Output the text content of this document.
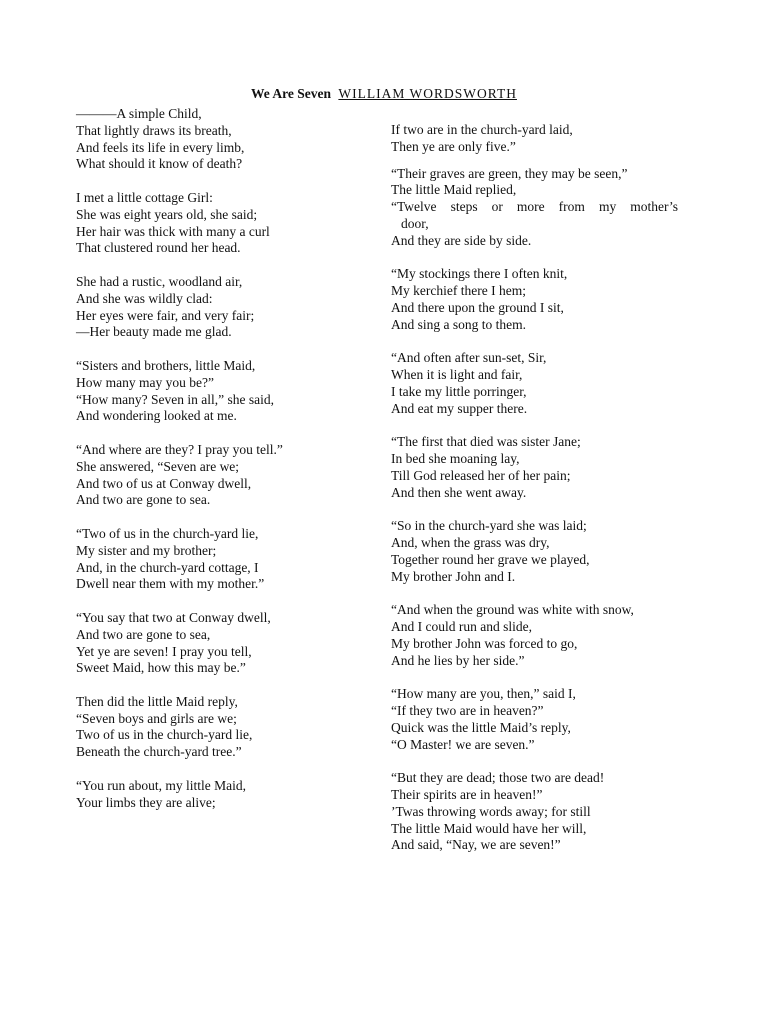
We Are Seven WILLIAM WORDSWORTH
———A simple Child,
That lightly draws its breath,
And feels its life in every limb,
What should it know of death?
I met a little cottage Girl:
She was eight years old, she said;
Her hair was thick with many a curl
That clustered round her head.
She had a rustic, woodland air,
And she was wildly clad:
Her eyes were fair, and very fair;
—Her beauty made me glad.
“Sisters and brothers, little Maid,
How many may you be?”
“How many? Seven in all,” she said,
And wondering looked at me.
“And where are they? I pray you tell.”
She answered, “Seven are we;
And two of us at Conway dwell,
And two are gone to sea.
“Two of us in the church-yard lie,
My sister and my brother;
And, in the church-yard cottage, I
Dwell near them with my mother.”
“You say that two at Conway dwell,
And two are gone to sea,
Yet ye are seven! I pray you tell,
Sweet Maid, how this may be.”
Then did the little Maid reply,
“Seven boys and girls are we;
Two of us in the church-yard lie,
Beneath the church-yard tree.”
“You run about, my little Maid,
Your limbs they are alive;
If two are in the church-yard laid,
Then ye are only five.”
“Their graves are green, they may be seen,”
The little Maid replied,
“Twelve steps or more from my mother’s
door,
And they are side by side.
“My stockings there I often knit,
My kerchief there I hem;
And there upon the ground I sit,
And sing a song to them.
“And often after sun-set, Sir,
When it is light and fair,
I take my little porringer,
And eat my supper there.
“The first that died was sister Jane;
In bed she moaning lay,
Till God released her of her pain;
And then she went away.
“So in the church-yard she was laid;
And, when the grass was dry,
Together round her grave we played,
My brother John and I.
“And when the ground was white with snow,
And I could run and slide,
My brother John was forced to go,
And he lies by her side.”
“How many are you, then,” said I,
“If they two are in heaven?”
Quick was the little Maid’s reply,
“O Master! we are seven.”
“But they are dead; those two are dead!
Their spirits are in heaven!”
’Twas throwing words away; for still
The little Maid would have her will,
And said, “Nay, we are seven!”
